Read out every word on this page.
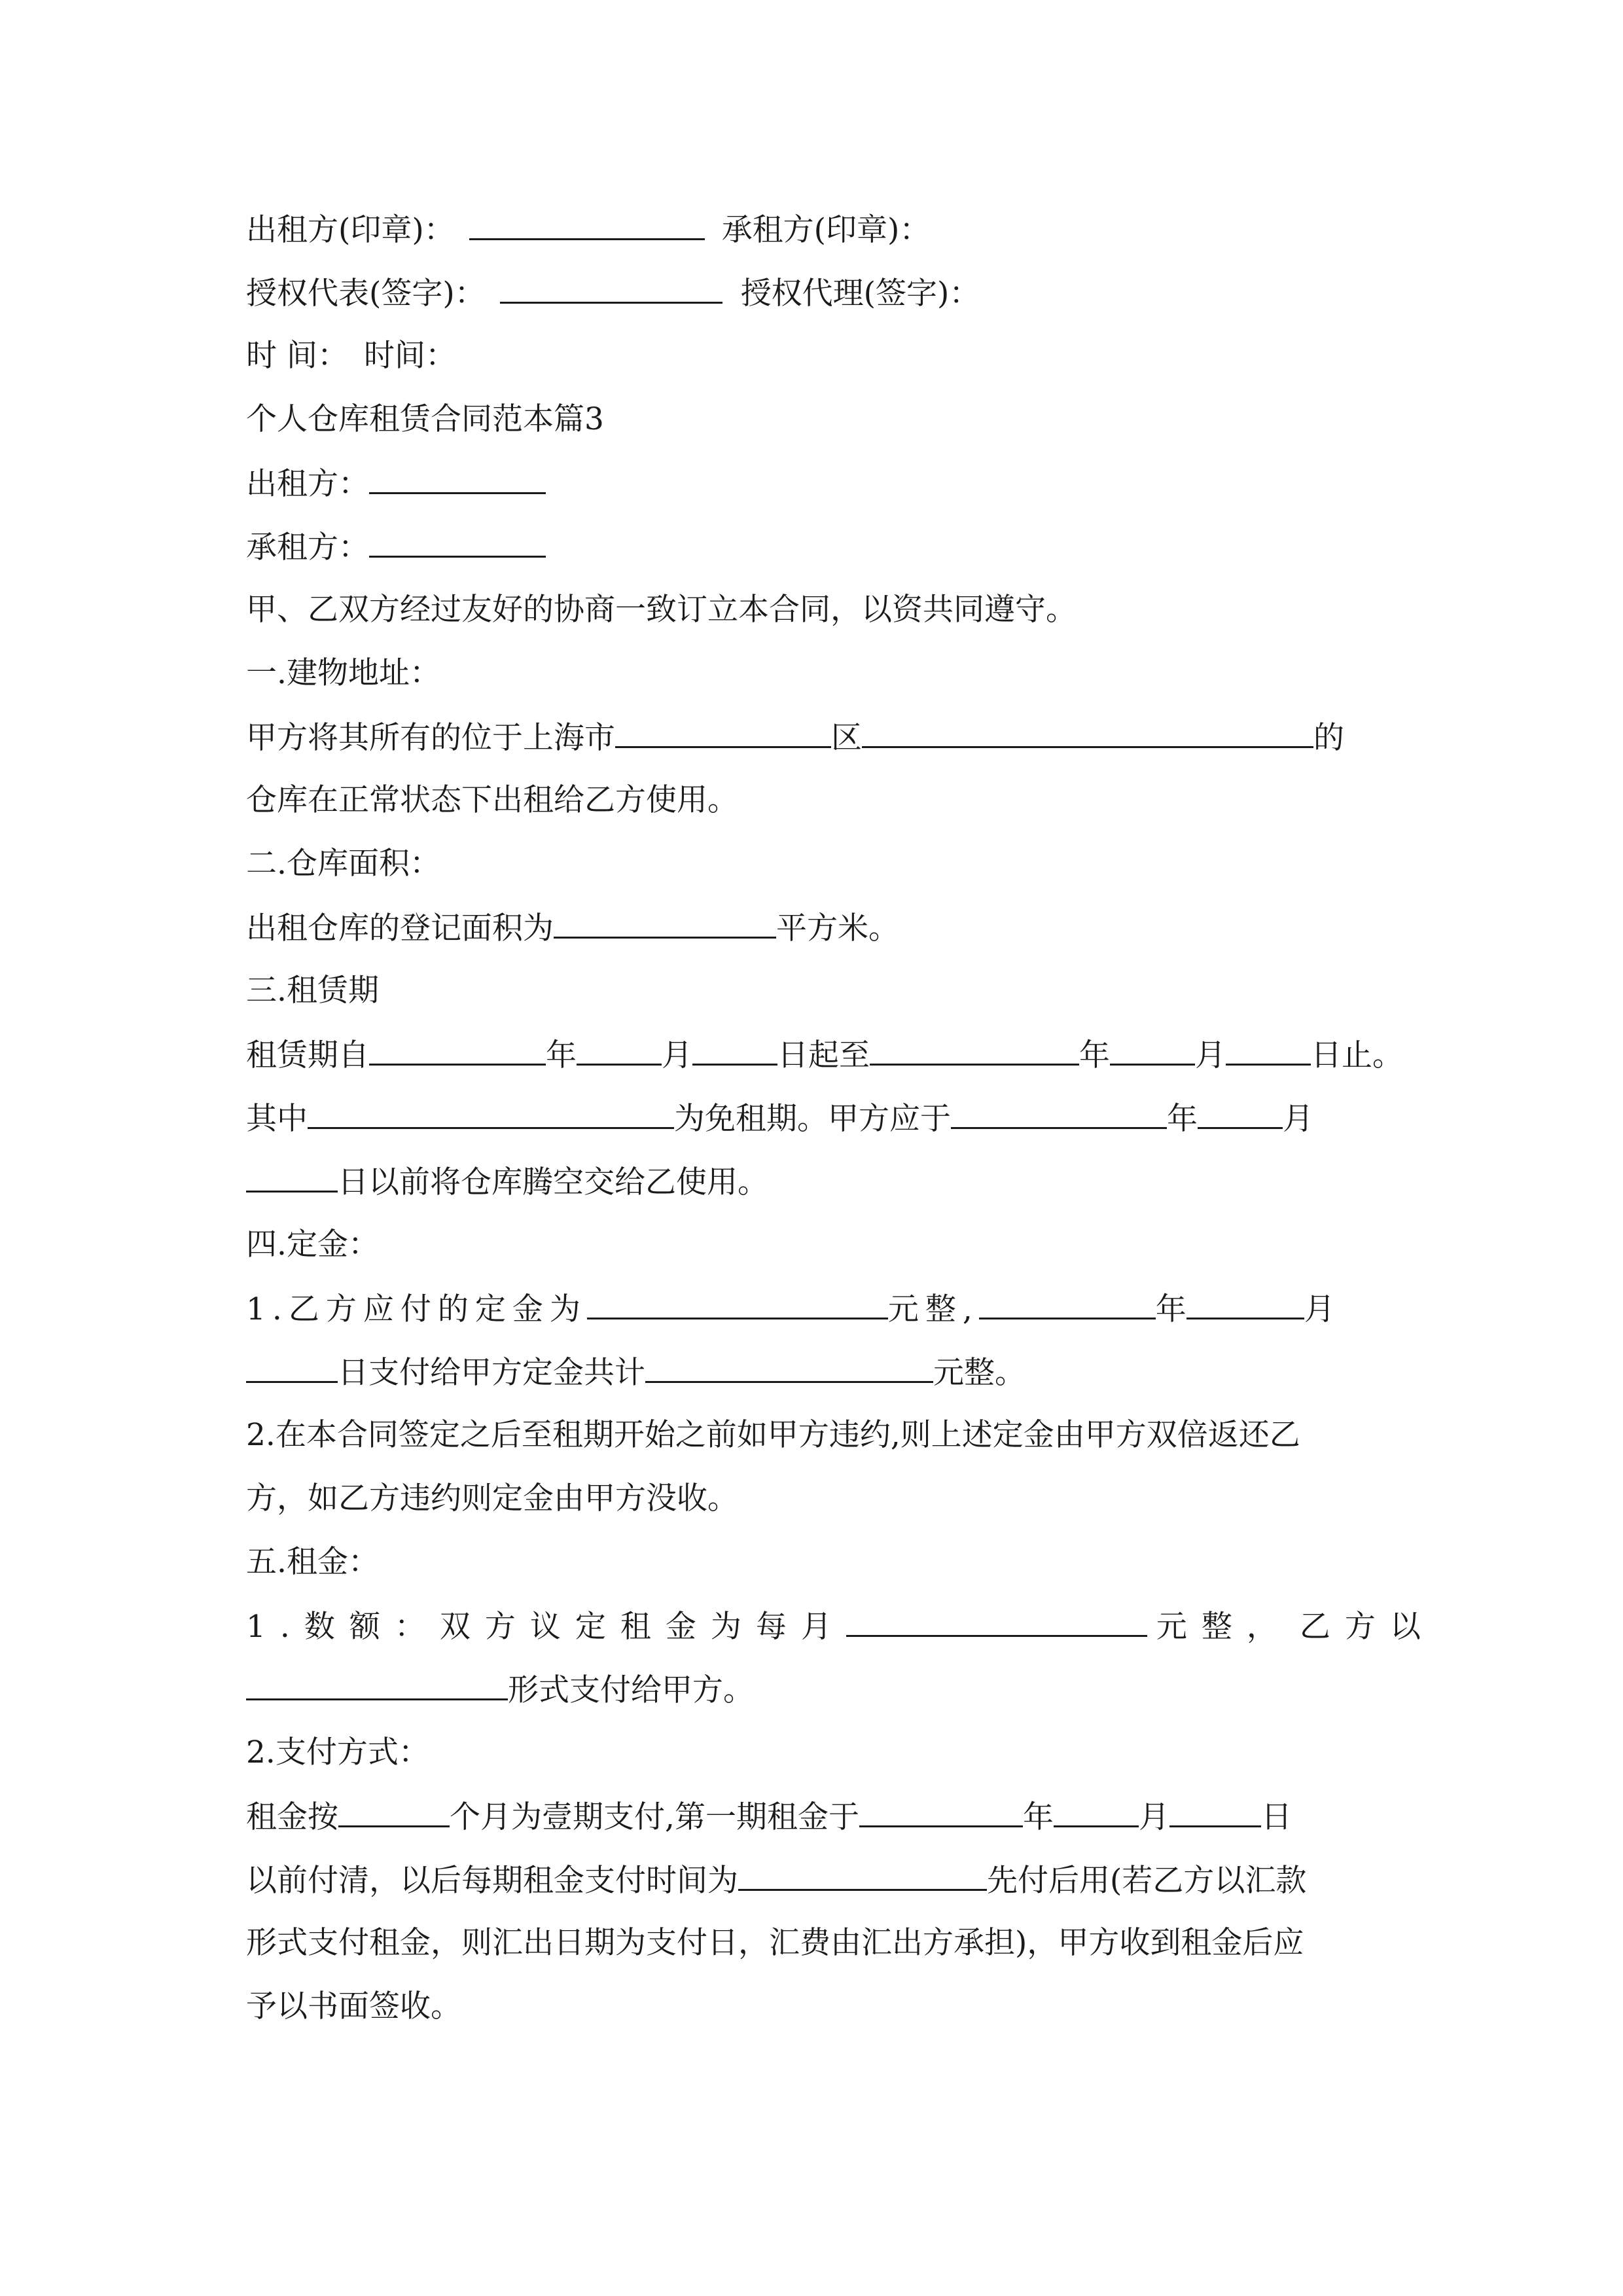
出租方(印章)：	承租方(印章)：
授权代表(签字)：	授权代理(签字)：
时 间： 时间：
个人仓库租赁合同范本篇3
出租方：
承租方：
甲、乙双方经过友好的协商一致订立本合同，以资共同遵守。
一.建物地址：
甲方将其所有的位于上海市	区	的
仓库在正常状态下出租给乙方使用。
二.仓库面积：
出租仓库的登记面积为	平方米。
三.租赁期
租赁期自	年	月	日起至	年	月	日止。
其中	为免租期。甲方应于	年	月
日以前将仓库腾空交给乙使用。
四.定金：
1.乙方应付的定金为	元整,	年	月
日支付给甲方定金共计	元整。
2.在本合同签定之后至租期开始之前如甲方违约,则上述定金由甲方双倍返还乙
方，如乙方违约则定金由甲方没收。
五.租金：
1.数额：双方议定租金为每月	元整， 乙方以
形式支付给甲方。
2.支付方式：
租金按	个月为壹期支付,第一期租金于	年	月	日
以前付清，以后每期租金支付时间为	先付后用(若乙方以汇款
形式支付租金，则汇出日期为支付日，汇费由汇出方承担)，甲方收到租金后应
予以书面签收。
